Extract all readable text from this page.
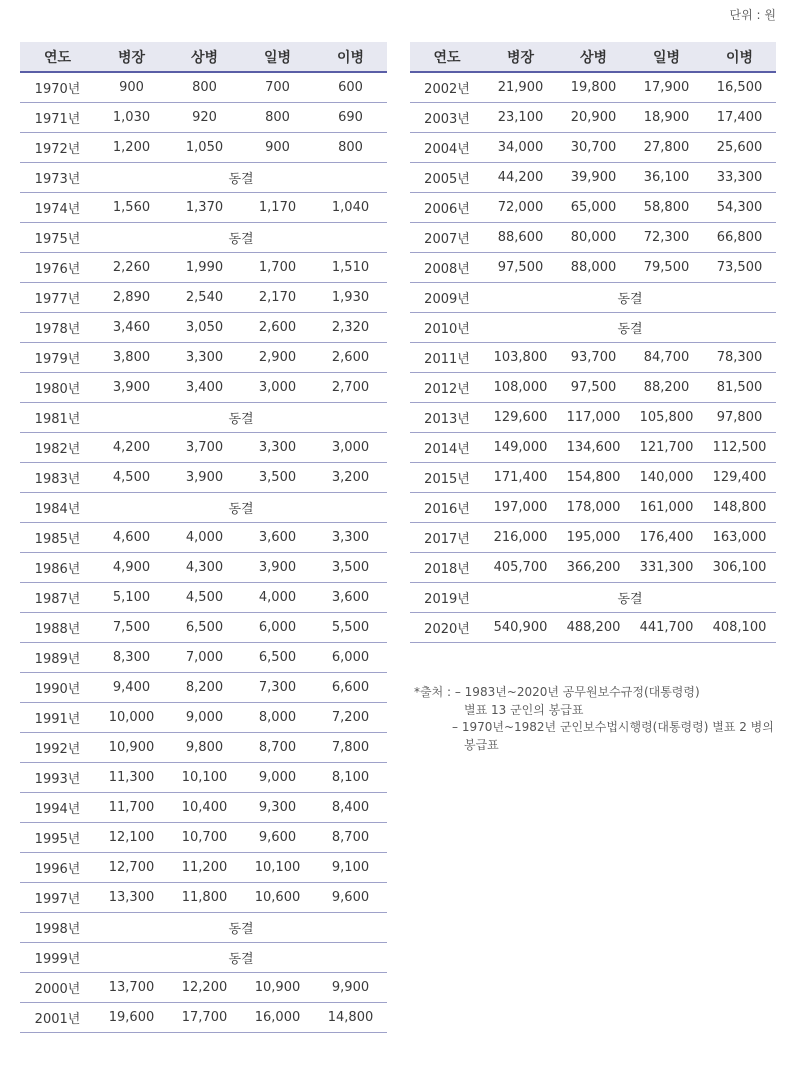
단위 : 원
연도	병장	상병	일병	이병
1970년	900	800	700	600
1971년	1,030	920	800	690
1972년	1,200	1,050	900	800
1973년	동결			
1974년	1,560	1,370	1,170	1,040
1975년	동결			
1976년	2,260	1,990	1,700	1,510
1977년	2,890	2,540	2,170	1,930
1978년	3,460	3,050	2,600	2,320
1979년	3,800	3,300	2,900	2,600
1980년	3,900	3,400	3,000	2,700
1981년	동결			
1982년	4,200	3,700	3,300	3,000
1983년	4,500	3,900	3,500	3,200
1984년	동결			
1985년	4,600	4,000	3,600	3,300
1986년	4,900	4,300	3,900	3,500
1987년	5,100	4,500	4,000	3,600
1988년	7,500	6,500	6,000	5,500
1989년	8,300	7,000	6,500	6,000
1990년	9,400	8,200	7,300	6,600
1991년	10,000	9,000	8,000	7,200
1992년	10,900	9,800	8,700	7,800
1993년	11,300	10,100	9,000	8,100
1994년	11,700	10,400	9,300	8,400
1995년	12,100	10,700	9,600	8,700
1996년	12,700	11,200	10,100	9,100
1997년	13,300	11,800	10,600	9,600
1998년	동결			
1999년	동결			
2000년	13,700	12,200	10,900	9,900
2001년	19,600	17,700	16,000	14,800
연도	병장	상병	일병	이병
2002년	21,900	19,800	17,900	16,500
2003년	23,100	20,900	18,900	17,400
2004년	34,000	30,700	27,800	25,600
2005년	44,200	39,900	36,100	33,300
2006년	72,000	65,000	58,800	54,300
2007년	88,600	80,000	72,300	66,800
2008년	97,500	88,000	79,500	73,500
2009년	동결			
2010년	동결			
2011년	103,800	93,700	84,700	78,300
2012년	108,000	97,500	88,200	81,500
2013년	129,600	117,000	105,800	97,800
2014년	149,000	134,600	121,700	112,500
2015년	171,400	154,800	140,000	129,400
2016년	197,000	178,000	161,000	148,800
2017년	216,000	195,000	176,400	163,000
2018년	405,700	366,200	331,300	306,100
2019년	동결			
2020년	540,900	488,200	441,700	408,100
*출처 : – 1983년~2020년 공무원보수규정(대통령령)
별표 13 군인의 봉급표
– 1970년~1982년 군인보수법시행령(대통령령) 별표 2 병의
봉급표
